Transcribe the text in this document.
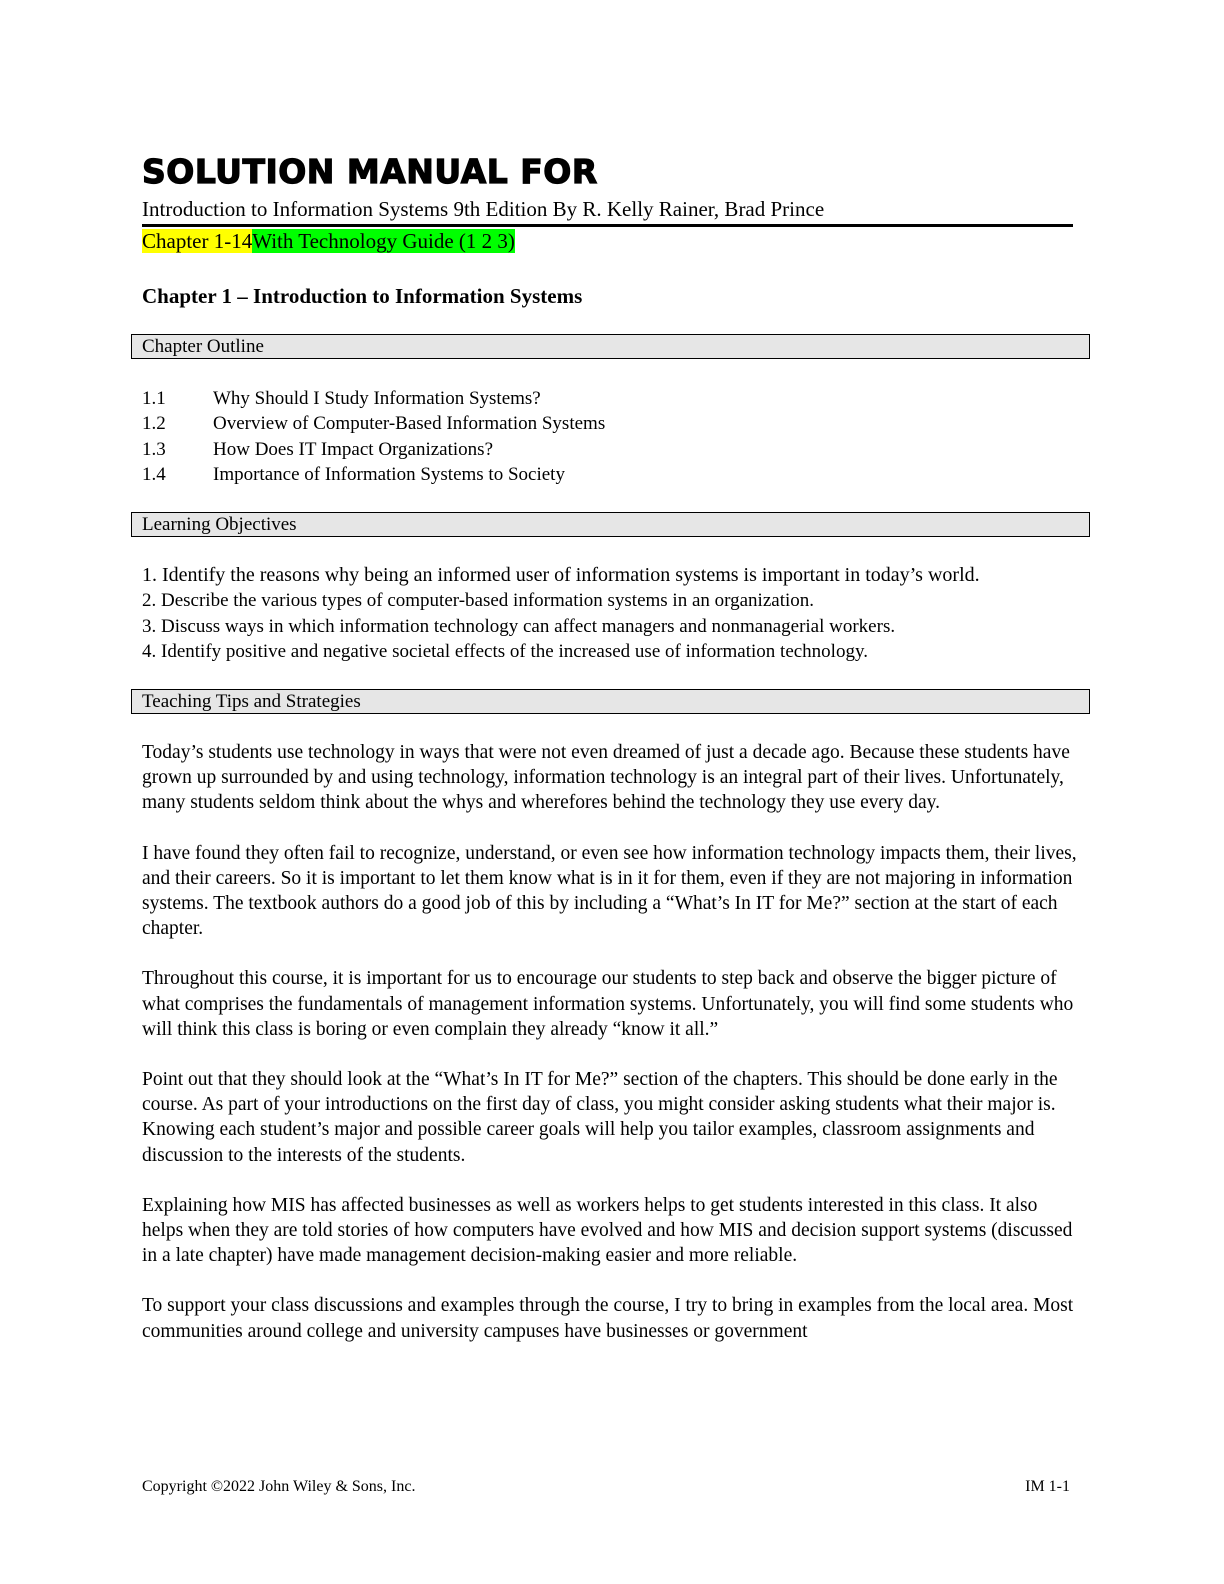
SOLUTION MANUAL FOR
Introduction to Information Systems 9th Edition By R. Kelly Rainer, Brad Prince
Chapter 1-14With Technology Guide (1 2 3)
Chapter 1 – Introduction to Information Systems
Chapter Outline
1.1	Why Should I Study Information Systems?
1.2	Overview of Computer-Based Information Systems
1.3	How Does IT Impact Organizations?
1.4	Importance of Information Systems to Society
Learning Objectives
1. Identify the reasons why being an informed user of information systems is important in today’s world.
2. Describe the various types of computer-based information systems in an organization.
3. Discuss ways in which information technology can affect managers and nonmanagerial workers.
4. Identify positive and negative societal effects of the increased use of information technology.
Teaching Tips and Strategies

Today’s students use technology in ways that were not even dreamed of just a decade ago. Because these students have grown up surrounded by and using technology, information technology is an integral part of their lives. Unfortunately, many students seldom think about the whys and wherefores behind the technology they use every day.

I have found they often fail to recognize, understand, or even see how information technology impacts them, their lives, and their careers. So it is important to let them know what is in it for them, even if they are not majoring in information systems. The textbook authors do a good job of this by including a “What’s In IT for Me?” section at the start of each chapter.

Throughout this course, it is important for us to encourage our students to step back and observe the bigger picture of what comprises the fundamentals of management information systems. Unfortunately, you will find some students who will think this class is boring or even complain they already “know it all.”

Point out that they should look at the “What’s In IT for Me?” section of the chapters. This should be done early in the course. As part of your introductions on the first day of class, you might consider asking students what their major is. Knowing each student’s major and possible career goals will help you tailor examples, classroom assignments and discussion to the interests of the students.

Explaining how MIS has affected businesses as well as workers helps to get students interested in this class. It also helps when they are told stories of how computers have evolved and how MIS and decision support systems (discussed in a late chapter) have made management decision-making easier and more reliable.

To support your class discussions and examples through the course, I try to bring in examples from the local area. Most communities around college and university campuses have businesses or government

Copyright ©2022 John Wiley & Sons, Inc.	IM 1-1
